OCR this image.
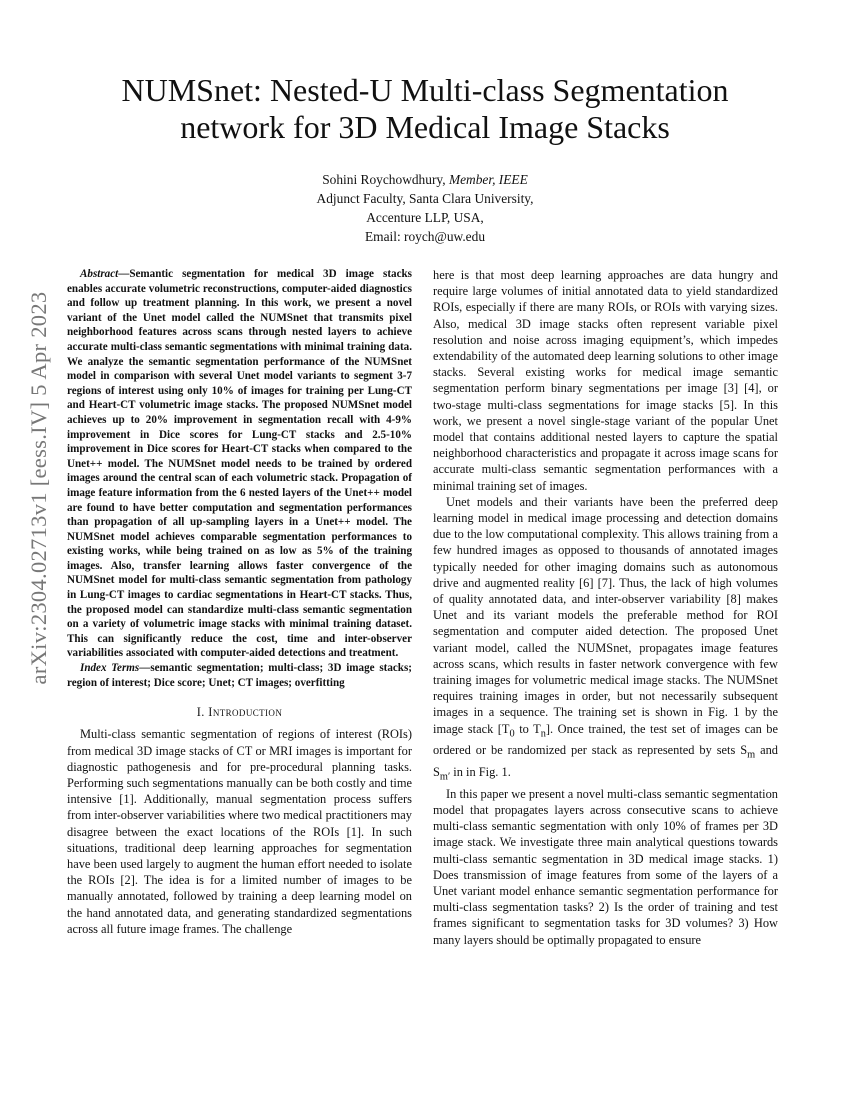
arXiv:2304.02713v1 [eess.IV] 5 Apr 2023
NUMSnet: Nested-U Multi-class Segmentation network for 3D Medical Image Stacks
Sohini Roychowdhury, Member, IEEE
Adjunct Faculty, Santa Clara University,
Accenture LLP, USA,
Email: roych@uw.edu

Abstract—Semantic segmentation for medical 3D image stacks enables accurate volumetric reconstructions, computer-aided diagnostics and follow up treatment planning. In this work, we present a novel variant of the Unet model called the NUMSnet that transmits pixel neighborhood features across scans through nested layers to achieve accurate multi-class semantic segmentations with minimal training data. We analyze the semantic segmentation performance of the NUMSnet model in comparison with several Unet model variants to segment 3-7 regions of interest using only 10% of images for training per Lung-CT and Heart-CT volumetric image stacks. The proposed NUMSnet model achieves up to 20% improvement in segmentation recall with 4-9% improvement in Dice scores for Lung-CT stacks and 2.5-10% improvement in Dice scores for Heart-CT stacks when compared to the Unet++ model. The NUMSnet model needs to be trained by ordered images around the central scan of each volumetric stack. Propagation of image feature information from the 6 nested layers of the Unet++ model are found to have better computation and segmentation performances than propagation of all up-sampling layers in a Unet++ model. The NUMSnet model achieves comparable segmentation performances to existing works, while being trained on as low as 5% of the training images. Also, transfer learning allows faster convergence of the NUMSnet model for multi-class semantic segmentation from pathology in Lung-CT images to cardiac segmentations in Heart-CT stacks. Thus, the proposed model can standardize multi-class semantic segmentation on a variety of volumetric image stacks with minimal training dataset. This can significantly reduce the cost, time and inter-observer variabilities associated with computer-aided detections and treatment.

Index Terms—semantic segmentation; multi-class; 3D image stacks; region of interest; Dice score; Unet; CT images; overfitting

I. Introduction

Multi-class semantic segmentation of regions of interest (ROIs) from medical 3D image stacks of CT or MRI images is important for diagnostic pathogenesis and for pre-procedural planning tasks. Performing such segmentations manually can be both costly and time intensive [1]. Additionally, manual segmentation process suffers from inter-observer variabilities where two medical practitioners may disagree between the exact locations of the ROIs [1]. In such situations, traditional deep learning approaches for segmentation have been used largely to augment the human effort needed to isolate the ROIs [2]. The idea is for a limited number of images to be manually annotated, followed by training a deep learning model on the hand annotated data, and generating standardized segmentations across all future image frames. The challenge

here is that most deep learning approaches are data hungry and require large volumes of initial annotated data to yield standardized ROIs, especially if there are many ROIs, or ROIs with varying sizes. Also, medical 3D image stacks often represent variable pixel resolution and noise across imaging equipment’s, which impedes extendability of the automated deep learning solutions to other image stacks. Several existing works for medical image semantic segmentation perform binary segmentations per image [3] [4], or two-stage multi-class segmentations for image stacks [5]. In this work, we present a novel single-stage variant of the popular Unet model that contains additional nested layers to capture the spatial neighborhood characteristics and propagate it across image scans for accurate multi-class semantic segmentation performances with a minimal training set of images.

Unet models and their variants have been the preferred deep learning model in medical image processing and detection domains due to the low computational complexity. This allows training from a few hundred images as opposed to thousands of annotated images typically needed for other imaging domains such as autonomous drive and augmented reality [6] [7]. Thus, the lack of high volumes of quality annotated data, and inter-observer variability [8] makes Unet and its variant models the preferable method for ROI segmentation and computer aided detection. The proposed Unet variant model, called the NUMSnet, propagates image features across scans, which results in faster network convergence with few training images for volumetric medical image stacks. The NUMSnet requires training images in order, but not necessarily subsequent images in a sequence. The training set is shown in Fig. 1 by the image stack [$T_0$ to $T_n$]. Once trained, the test set of images can be ordered or be randomized per stack as represented by sets $S_m$ and $S_{m'}$ in in Fig. 1.

In this paper we present a novel multi-class semantic segmentation model that propagates layers across consecutive scans to achieve multi-class semantic segmentation with only 10% of frames per 3D image stack. We investigate three main analytical questions towards multi-class semantic segmentation in 3D medical image stacks. 1) Does transmission of image features from some of the layers of a Unet variant model enhance semantic segmentation performance for multi-class segmentation tasks? 2) Is the order of training and test frames significant to segmentation tasks for 3D volumes? 3) How many layers should be optimally propagated to ensure
